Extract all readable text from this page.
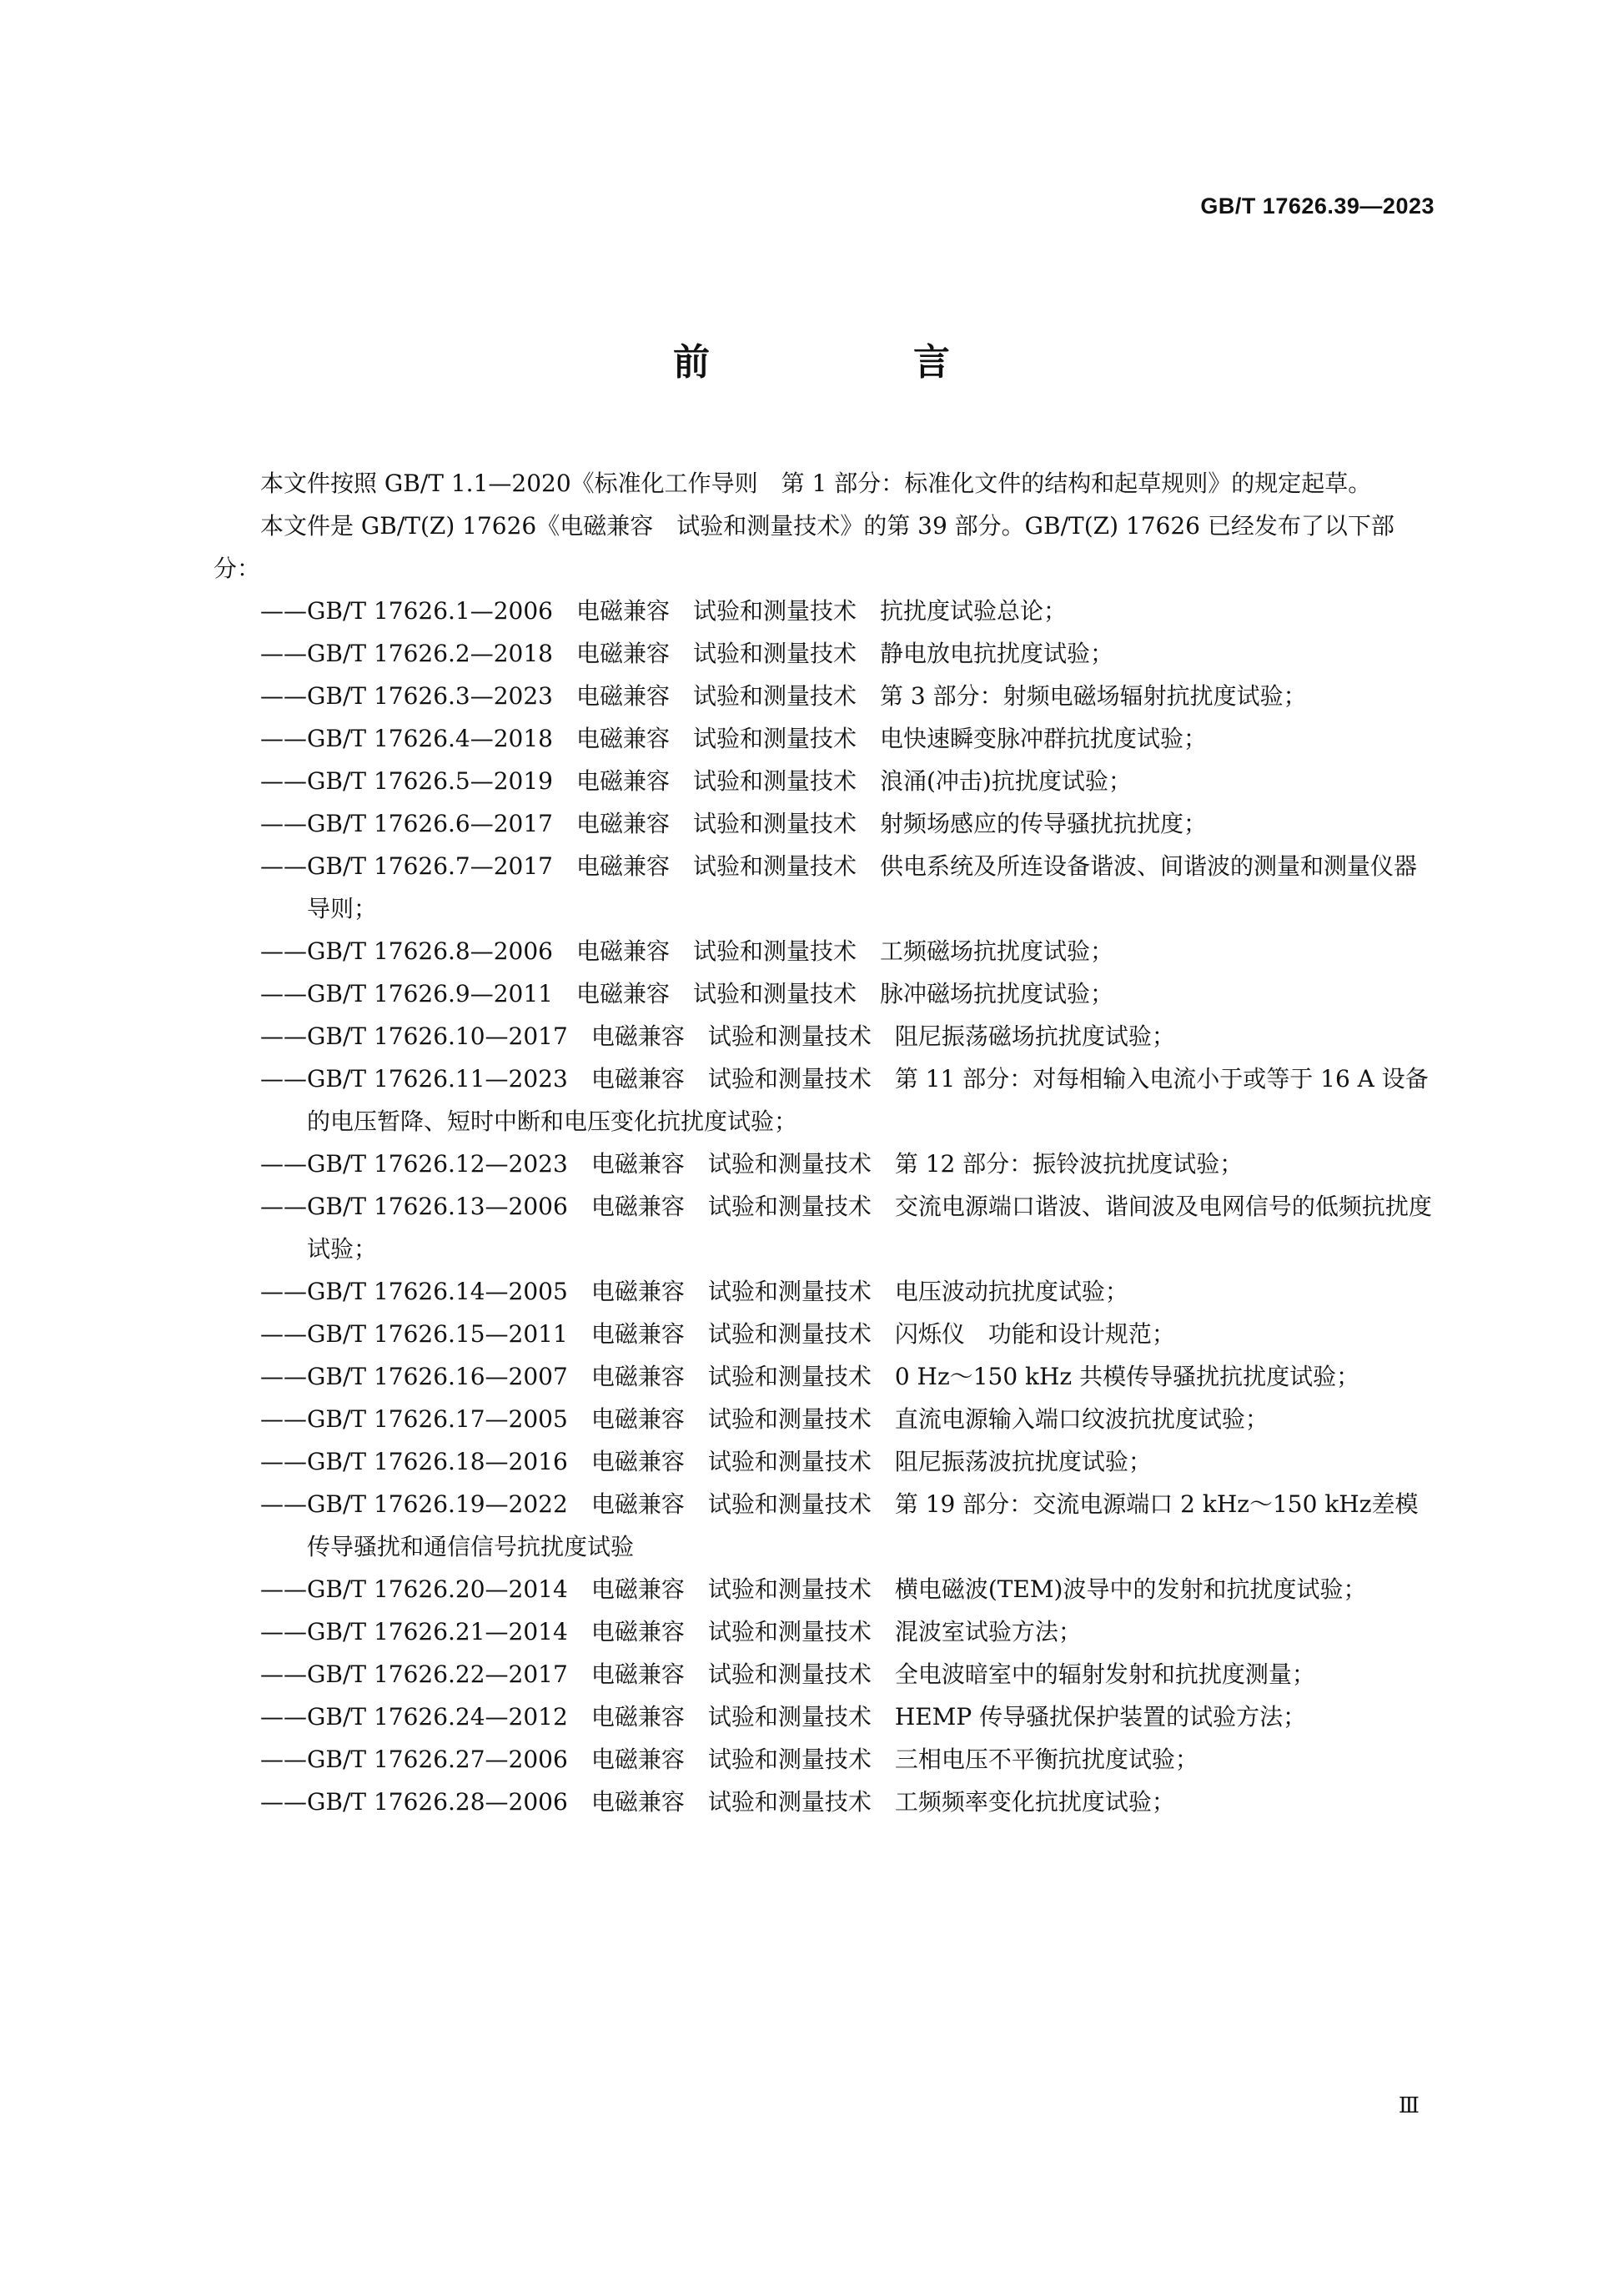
GB/T 17626.39—2023
前　言

本文件按照 GB/T 1.1—2020《标准化工作导则　第 1 部分：标准化文件的结构和起草规则》的规定起草。

本文件是 GB/T(Z) 17626《电磁兼容　试验和测量技术》的第 39 部分。GB/T(Z) 17626 已经发布了以下部分：

——GB/T 17626.1—2006　电磁兼容　试验和测量技术　抗扰度试验总论；
——GB/T 17626.2—2018　电磁兼容　试验和测量技术　静电放电抗扰度试验；
——GB/T 17626.3—2023　电磁兼容　试验和测量技术　第 3 部分：射频电磁场辐射抗扰度试验；
——GB/T 17626.4—2018　电磁兼容　试验和测量技术　电快速瞬变脉冲群抗扰度试验；
——GB/T 17626.5—2019　电磁兼容　试验和测量技术　浪涌(冲击)抗扰度试验；
——GB/T 17626.6—2017　电磁兼容　试验和测量技术　射频场感应的传导骚扰抗扰度；
——GB/T 17626.7—2017　电磁兼容　试验和测量技术　供电系统及所连设备谐波、间谐波的测量和测量仪器导则；
——GB/T 17626.8—2006　电磁兼容　试验和测量技术　工频磁场抗扰度试验；
——GB/T 17626.9—2011　电磁兼容　试验和测量技术　脉冲磁场抗扰度试验；
——GB/T 17626.10—2017　电磁兼容　试验和测量技术　阻尼振荡磁场抗扰度试验；
——GB/T 17626.11—2023　电磁兼容　试验和测量技术　第 11 部分：对每相输入电流小于或等于 16 A 设备的电压暂降、短时中断和电压变化抗扰度试验；
——GB/T 17626.12—2023　电磁兼容　试验和测量技术　第 12 部分：振铃波抗扰度试验；
——GB/T 17626.13—2006　电磁兼容　试验和测量技术　交流电源端口谐波、谐间波及电网信号的低频抗扰度试验；
——GB/T 17626.14—2005　电磁兼容　试验和测量技术　电压波动抗扰度试验；
——GB/T 17626.15—2011　电磁兼容　试验和测量技术　闪烁仪　功能和设计规范；
——GB/T 17626.16—2007　电磁兼容　试验和测量技术　0 Hz～150 kHz 共模传导骚扰抗扰度试验；
——GB/T 17626.17—2005　电磁兼容　试验和测量技术　直流电源输入端口纹波抗扰度试验；
——GB/T 17626.18—2016　电磁兼容　试验和测量技术　阻尼振荡波抗扰度试验；
——GB/T 17626.19—2022　电磁兼容　试验和测量技术　第 19 部分：交流电源端口 2 kHz～150 kHz差模传导骚扰和通信信号抗扰度试验
——GB/T 17626.20—2014　电磁兼容　试验和测量技术　横电磁波(TEM)波导中的发射和抗扰度试验；
——GB/T 17626.21—2014　电磁兼容　试验和测量技术　混波室试验方法；
——GB/T 17626.22—2017　电磁兼容　试验和测量技术　全电波暗室中的辐射发射和抗扰度测量；
——GB/T 17626.24—2012　电磁兼容　试验和测量技术　HEMP 传导骚扰保护装置的试验方法；
——GB/T 17626.27—2006　电磁兼容　试验和测量技术　三相电压不平衡抗扰度试验；
——GB/T 17626.28—2006　电磁兼容　试验和测量技术　工频频率变化抗扰度试验；
Ⅲ
